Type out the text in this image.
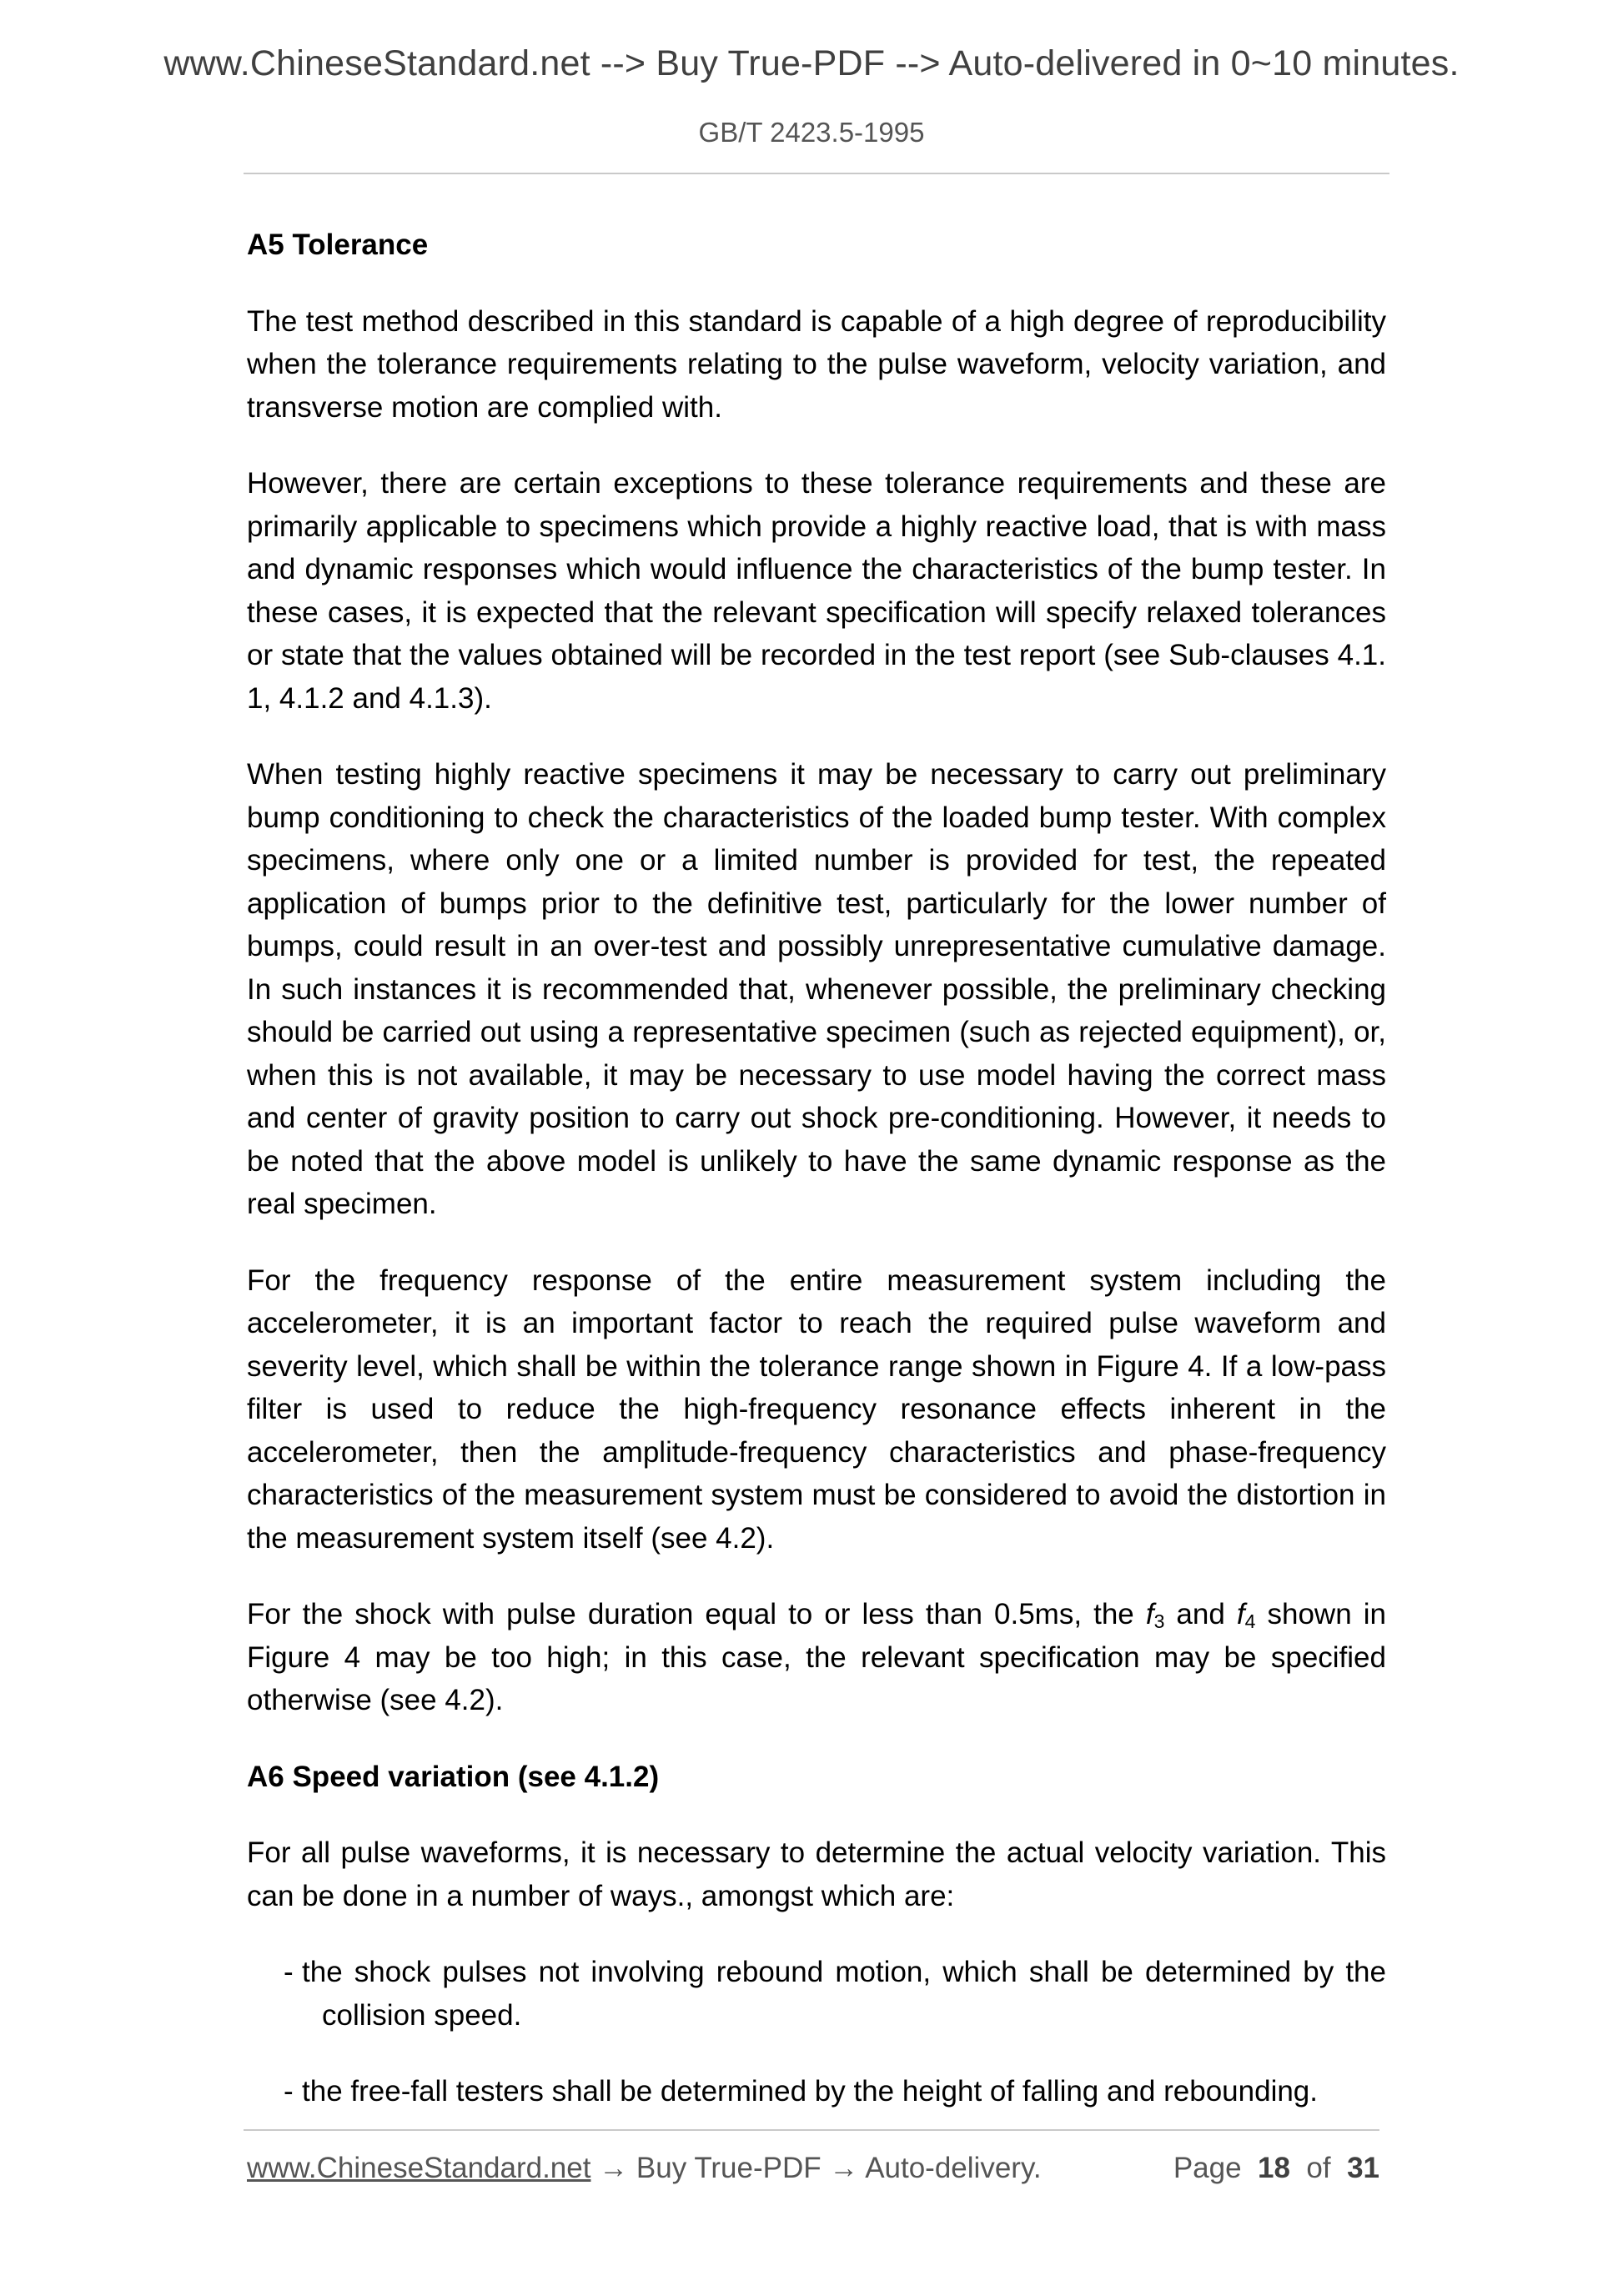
www.ChineseStandard.net --> Buy True-PDF --> Auto-delivered in 0~10 minutes.
GB/T 2423.5-1995
A5 Tolerance

The test method described in this standard is capable of a high degree of reproducibility when the tolerance requirements relating to the pulse waveform, velocity variation, and transverse motion are complied with.

However, there are certain exceptions to these tolerance requirements and these are primarily applicable to specimens which provide a highly reactive load, that is with mass and dynamic responses which would influence the characteristics of the bump tester. In these cases, it is expected that the relevant specification will specify relaxed tolerances or state that the values obtained will be recorded in the test report (see Sub-clauses 4.1. 1, 4.1.2 and 4.1.3).

When testing highly reactive specimens it may be necessary to carry out preliminary bump conditioning to check the characteristics of the loaded bump tester. With complex specimens, where only one or a limited number is provided for test, the repeated application of bumps prior to the definitive test, particularly for the lower number of bumps, could result in an over-test and possibly unrepresentative cumulative damage. In such instances it is recommended that, whenever possible, the preliminary checking should be carried out using a representative specimen (such as rejected equipment), or, when this is not available, it may be necessary to use model having the correct mass and center of gravity position to carry out shock pre-conditioning. However, it needs to be noted that the above model is unlikely to have the same dynamic response as the real specimen.

For the frequency response of the entire measurement system including the accelerometer, it is an important factor to reach the required pulse waveform and severity level, which shall be within the tolerance range shown in Figure 4. If a low-pass filter is used to reduce the high-frequency resonance effects inherent in the accelerometer, then the amplitude-frequency characteristics and phase-frequency characteristics of the measurement system must be considered to avoid the distortion in the measurement system itself (see 4.2).

For the shock with pulse duration equal to or less than 0.5ms, the $f_3$ and $f_4$ shown in Figure 4 may be too high; in this case, the relevant specification may be specified otherwise (see 4.2).

A6 Speed variation (see 4.1.2)

For all pulse waveforms, it is necessary to determine the actual velocity variation. This can be done in a number of ways., amongst which are:

- the shock pulses not involving rebound motion, which shall be determined by the collision speed.
- the free-fall testers shall be determined by the height of falling and rebounding.
www.ChineseStandard.net → Buy True-PDF → Auto-delivery.	Page 18 of 31
